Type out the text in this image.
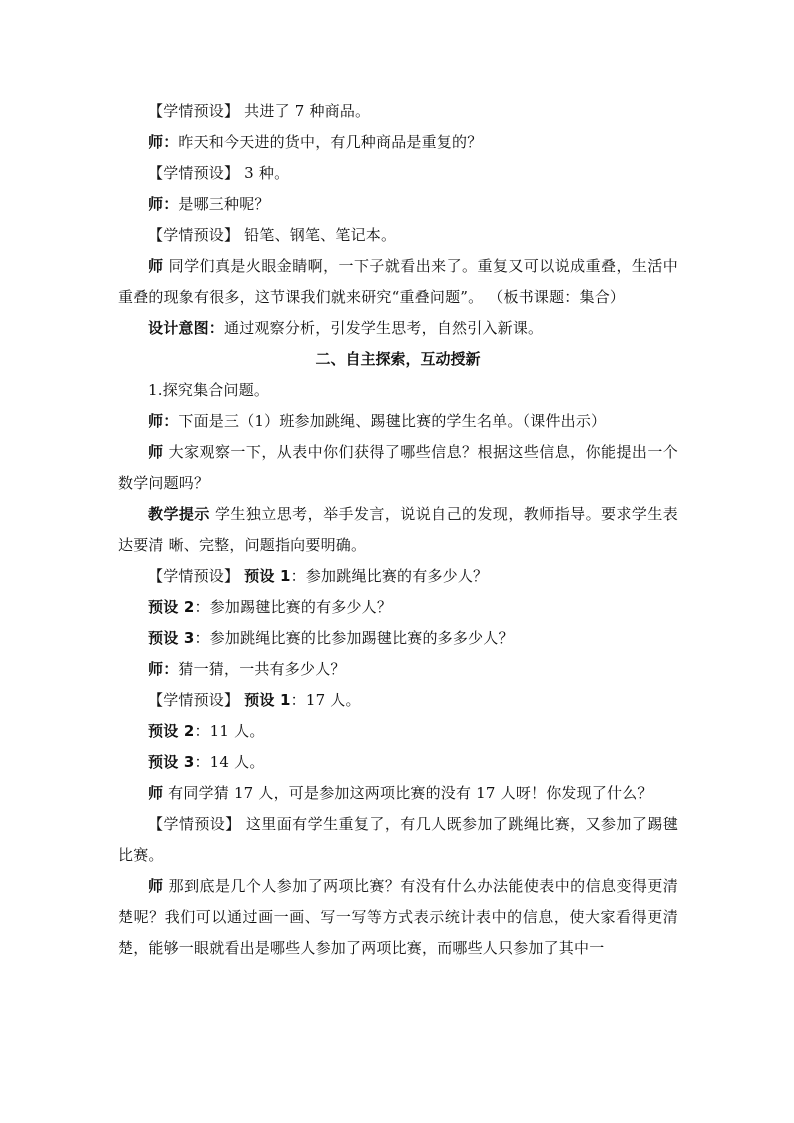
【学情预设】 共进了 7 种商品。

师：昨天和今天进的货中，有几种商品是重复的？

【学情预设】 3 种。

师：是哪三种呢？

【学情预设】 铅笔、钢笔、笔记本。

师 同学们真是火眼金睛啊，一下子就看出来了。重复又可以说成重叠，生活中重叠的现象有很多，这节课我们就来研究“重叠问题”。 （板书课题：集合）

设计意图：通过观察分析，引发学生思考，自然引入新课。

二、自主探索，互动授新

1.探究集合问题。

师：下面是三（1）班参加跳绳、踢毽比赛的学生名单。（课件出示）

师 大家观察一下，从表中你们获得了哪些信息？根据这些信息，你能提出一个数学问题吗？

教学提示 学生独立思考，举手发言，说说自己的发现，教师指导。要求学生表达要清 晰、完整，问题指向要明确。

【学情预设】 预设 1：参加跳绳比赛的有多少人？

预设 2：参加踢毽比赛的有多少人？

预设 3：参加跳绳比赛的比参加踢毽比赛的多多少人？

师：猜一猜，一共有多少人？

【学情预设】 预设 1：17 人。

预设 2：11 人。

预设 3：14 人。

师 有同学猜 17 人，可是参加这两项比赛的没有 17 人呀！你发现了什么？

【学情预设】 这里面有学生重复了，有几人既参加了跳绳比赛，又参加了踢毽比赛。

师 那到底是几个人参加了两项比赛？有没有什么办法能使表中的信息变得更清楚呢？我们可以通过画一画、写一写等方式表示统计表中的信息，使大家看得更清楚，能够一眼就看出是哪些人参加了两项比赛，而哪些人只参加了其中一
